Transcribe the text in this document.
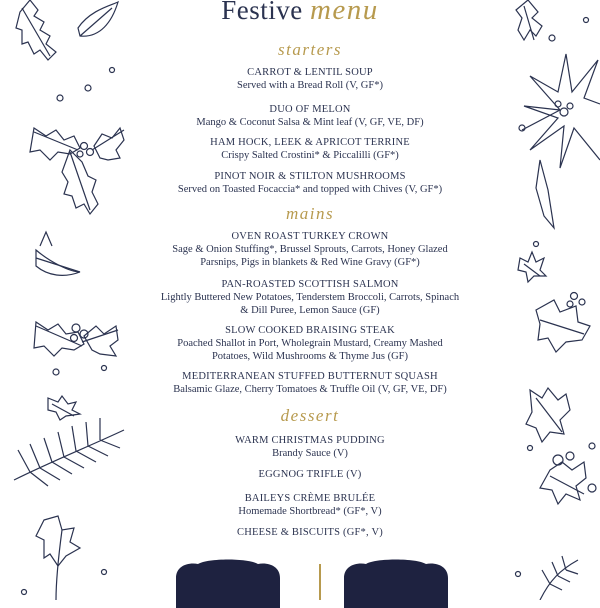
Festive menu
starters
CARROT & LENTIL SOUP
Served with a Bread Roll (V, GF*)
DUO OF MELON
Mango & Coconut Salsa & Mint leaf (V, GF, VE, DF)
HAM HOCK, LEEK & APRICOT TERRINE
Crispy Salted Crostini* & Piccalilli (GF*)
PINOT NOIR & STILTON MUSHROOMS
Served on Toasted Focaccia* and topped with Chives (V, GF*)
mains
OVEN ROAST TURKEY CROWN
Sage & Onion Stuffing*, Brussel Sprouts, Carrots, Honey Glazed
Parsnips, Pigs in blankets & Red Wine Gravy (GF*)
PAN-ROASTED SCOTTISH SALMON
Lightly Buttered New Potatoes, Tenderstem Broccoli, Carrots, Spinach
& Dill Puree, Lemon Sauce (GF)
SLOW COOKED BRAISING STEAK
Poached Shallot in Port, Wholegrain Mustard, Creamy Mashed
Potatoes, Wild Mushrooms & Thyme Jus (GF)
MEDITERRANEAN STUFFED BUTTERNUT SQUASH
Balsamic Glaze, Cherry Tomatoes & Truffle Oil (V, GF, VE, DF)
dessert
WARM CHRISTMAS PUDDING
Brandy Sauce (V)
EGGNOG TRIFLE (V)
BAILEYS CRÈME BRULÉE
Homemade Shortbread* (GF*, V)
CHEESE & BISCUITS (GF*, V)
